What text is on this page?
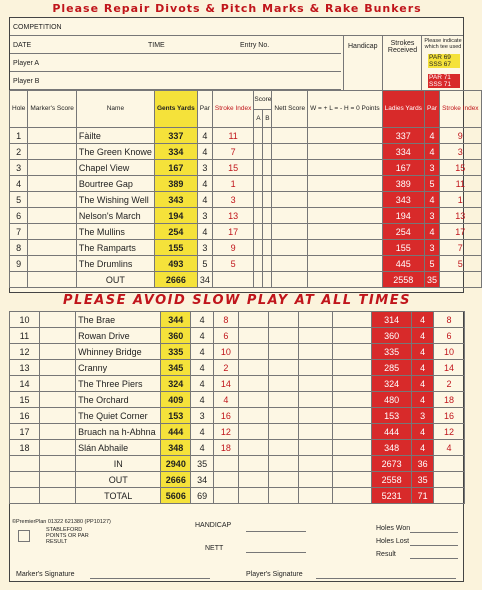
Please Repair Divots & Pitch Marks & Rake Bunkers
COMPETITION
DATE	TIME	Entry No.
Player A
Player B
Handicap	Strokes Received
Please indicate which tee used
PAR 69
SSS 67
PAR 71
SSS 71
Hole	Marker's Score	Name	Gents Yards	Par	Stroke Index	Score
A B		Nett Score	W = + L = - H = 0 Points	Ladies Yards	Par	Stroke Index
1		Fàilte	337	4	11					337	4	9
2		The Green Knowe	334	4	7					334	4	3
3		Chapel View	167	3	15					167	3	15
4		Bourtree Gap	389	4	1					389	5	11
5		The Wishing Well	343	4	3					343	4	1
6		Nelson's March	194	3	13					194	3	13
7		The Mullins	254	4	17					254	4	17
8		The Ramparts	155	3	9					155	3	7
9		The Drumlins	493	5	5					445	5	5
		OUT	2666	34						2558	35	
PLEASE AVOID SLOW PLAY AT ALL TIMES
10		The Brae	344	4	8					314	4	8
11		Rowan Drive	360	4	6					360	4	6
12		Whinney Bridge	335	4	10					335	4	10
13		Cranny	345	4	2					285	4	14
14		The Three Piers	324	4	14					324	4	2
15		The Orchard	409	4	4					480	4	18
16		The Quiet Corner	153	3	16					153	3	16
17		Bruach na h-Abhna	444	4	12					444	4	12
18		Slán Abhaile	348	4	18					348	4	4
		IN	2940	35						2673	36	
		OUT	2666	34						2558	35	
		TOTAL	5606	69						5231	71	
©PremierPlan 01322 621380 (PP10127)
STABLEFORD POINTS OR PAR RESULT
HANDICAP
NETT
Holes Won
Holes Lost
Result
Marker's Signature	Player's Signature
